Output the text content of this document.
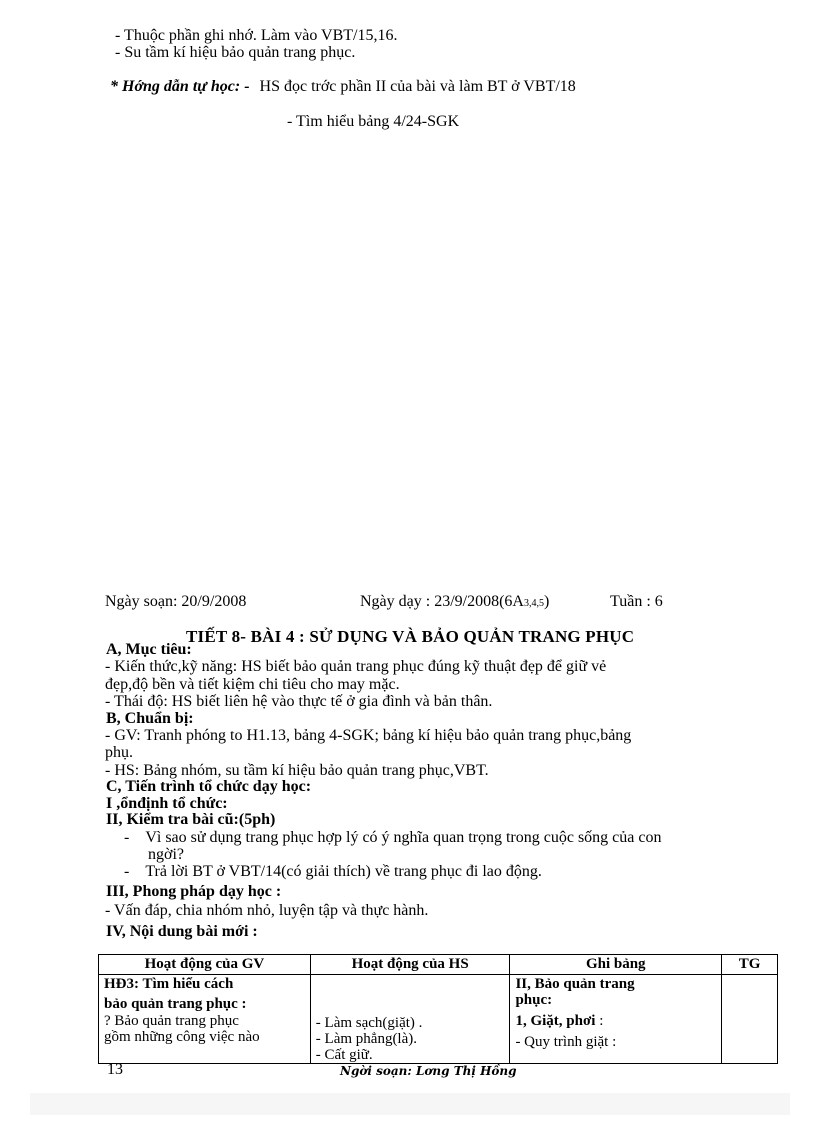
- Thuộc phần ghi nhớ. Làm vào VBT/15,16.
- Su tầm kí hiệu bảo quản trang phục.
* Hớng dẫn tự học: - HS đọc trớc phần II của bài và làm BT ở VBT/18
- Tìm hiểu bảng 4/24-SGK
Ngày soạn: 20/9/2008	Ngày dạy : 23/9/2008(6A3,4,5)	Tuần : 6
TIẾT 8- BÀI 4 : SỬ DỤNG VÀ BẢO QUẢN TRANG PHỤC
A, Mục tiêu:
- Kiến thức,kỹ năng: HS biết bảo quản trang phục đúng kỹ thuật đẹp để giữ vẻ
đẹp,độ bền và tiết kiệm chi tiêu cho may mặc.
- Thái độ: HS biết liên hệ vào thực tế ở gia đình và bản thân.
B, Chuẩn bị:
- GV: Tranh phóng to H1.13, bảng 4-SGK; bảng kí hiệu bảo quản trang phục,bảng
phụ.
- HS: Bảng nhóm, su tầm kí hiệu bảo quản trang phục,VBT.
C, Tiến trình tổ chức dạy học:
I ,ổnđịnh tổ chức:
II, Kiểm tra bài cũ:(5ph)
-    Vì sao sử dụng trang phục hợp lý có ý nghĩa quan trọng trong cuộc sống của con
ngời?
-    Trả lời BT ở VBT/14(có giải thích) về trang phục đi lao động.
III, Phong pháp dạy học :
- Vấn đáp, chia nhóm nhỏ, luyện tập và thực hành.
IV, Nội dung bài mới :
Hoạt động của GV	Hoạt động của HS	Ghi bảng	TG

HĐ3: Tìm hiểu cách
bảo quản trang phục :
? Bảo quản trang phục
gồm những công việc nào	- Làm sạch(giặt) .
- Làm phẳng(là).
- Cất giữ.	II, Bảo quản trang
phục:
1, Giặt, phơi :
- Quy trình giặt :	

13	Ngời soạn: Lơng Thị Hồng
